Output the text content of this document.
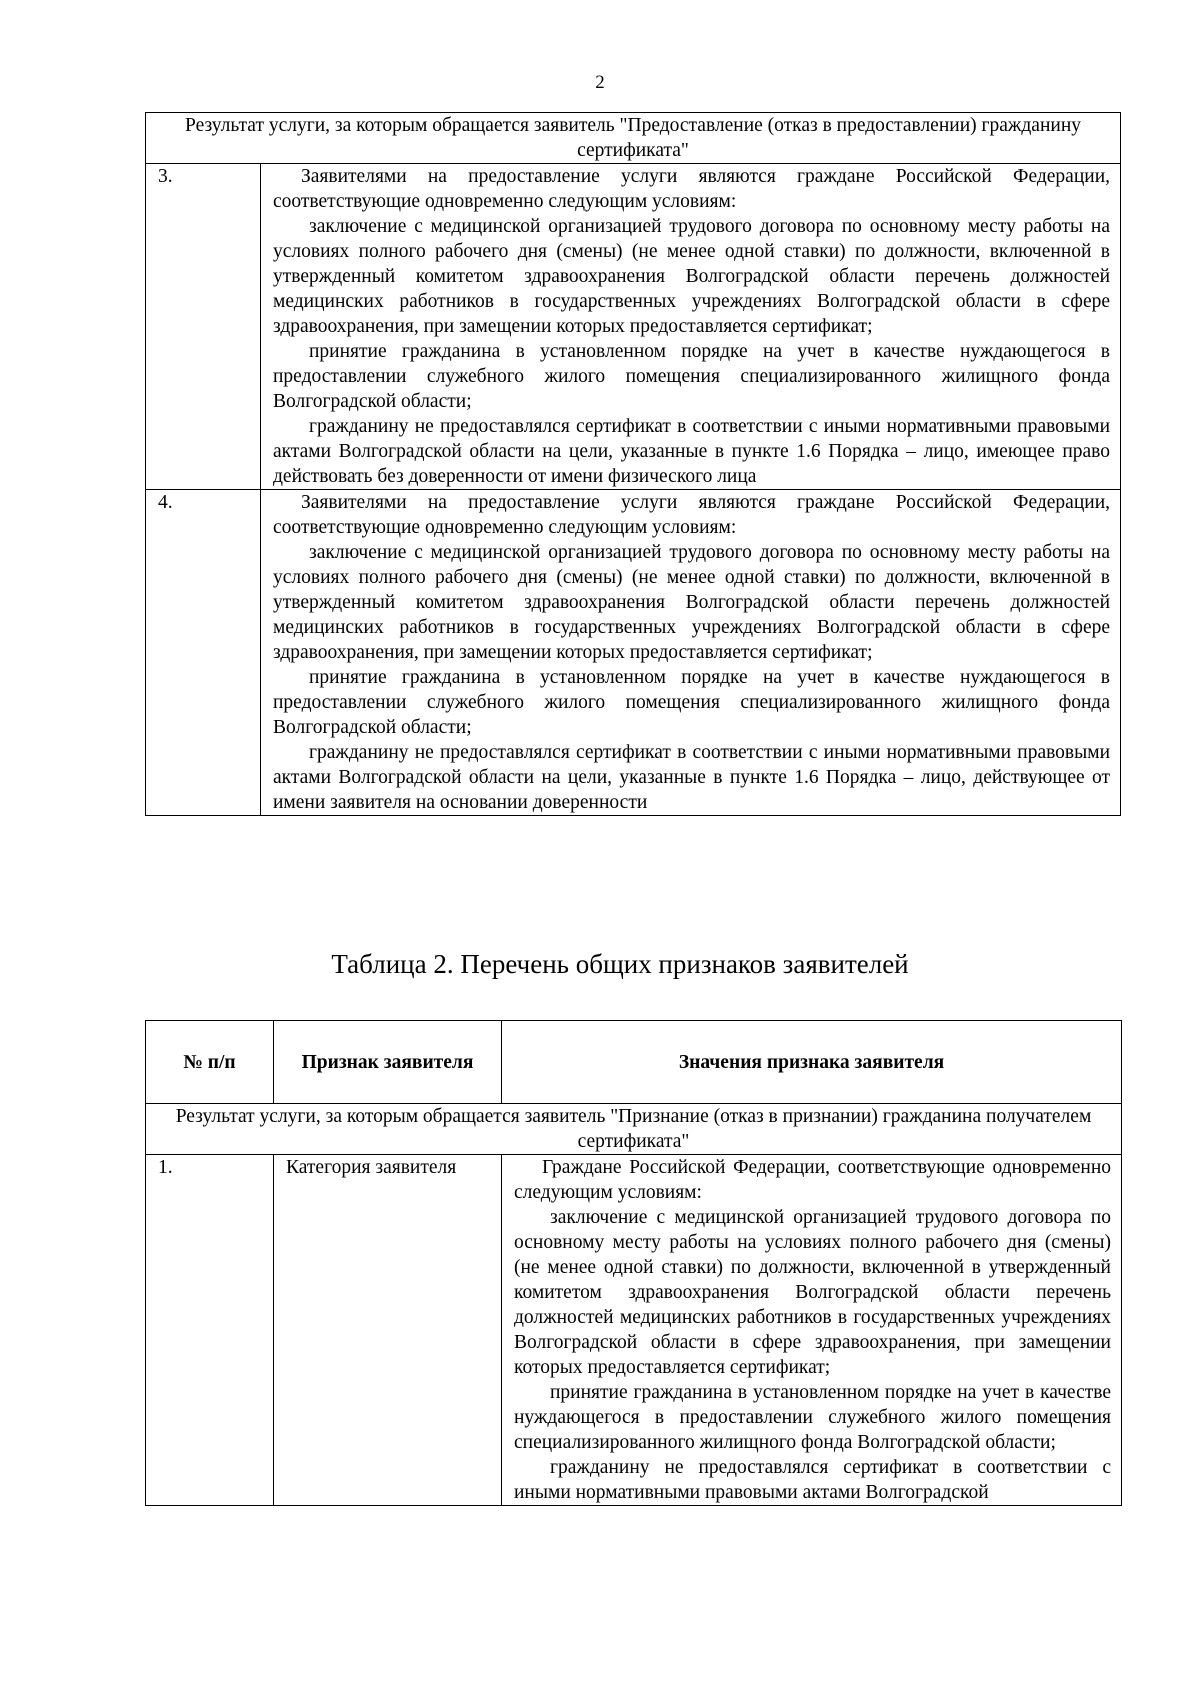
2
Результат услуги, за которым обращается заявитель "Предоставление (отказ в предоставлении) гражданину сертификата"	
3.	Заявителями на предоставление услуги являются граждане Российской Федерации, соответствующие одновременно следующим условиям:

заключение с медицинской организацией трудового договора по основному месту работы на условиях полного рабочего дня (смены) (не менее одной ставки) по должности, включенной в утвержденный комитетом здравоохранения Волгоградской области перечень должностей медицинских работников в государственных учреждениях Волгоградской области в сфере здравоохранения, при замещении которых предоставляется сертификат;

принятие гражданина в установленном порядке на учет в качестве нуждающегося в предоставлении служебного жилого помещения специализированного жилищного фонда Волгоградской области;

гражданину не предоставлялся сертификат в соответствии с иными нормативными правовыми актами Волгоградской области на цели, указанные в пункте 1.6 Порядка – лицо, имеющее право действовать без доверенности от имени физического лица

4.	Заявителями на предоставление услуги являются граждане Российской Федерации, соответствующие одновременно следующим условиям:

заключение с медицинской организацией трудового договора по основному месту работы на условиях полного рабочего дня (смены) (не менее одной ставки) по должности, включенной в утвержденный комитетом здравоохранения Волгоградской области перечень должностей медицинских работников в государственных учреждениях Волгоградской области в сфере здравоохранения, при замещении которых предоставляется сертификат;

принятие гражданина в установленном порядке на учет в качестве нуждающегося в предоставлении служебного жилого помещения специализированного жилищного фонда Волгоградской области;

гражданину не предоставлялся сертификат в соответствии с иными нормативными правовыми актами Волгоградской области на цели, указанные в пункте 1.6 Порядка – лицо, действующее от имени заявителя на основании доверенности

Таблица 2. Перечень общих признаков заявителей
№ п/п	Признак заявителя	Значения признака заявителя
Результат услуги, за которым обращается заявитель "Признание (отказ в признании) гражданина получателем сертификата"		
1.	Категория заявителя	Граждане Российской Федерации, соответствующие одновременно следующим условиям:

заключение с медицинской организацией трудового договора по основному месту работы на условиях полного рабочего дня (смены) (не менее одной ставки) по должности, включенной в утвержденный комитетом здравоохранения Волгоградской области перечень должностей медицинских работников в государственных учреждениях Волгоградской области в сфере здравоохранения, при замещении которых предоставляется сертификат;

принятие гражданина в установленном порядке на учет в качестве нуждающегося в предоставлении служебного жилого помещения специализированного жилищного фонда Волгоградской области;

гражданину не предоставлялся сертификат в соответствии с иными нормативными правовыми актами Волгоградской
